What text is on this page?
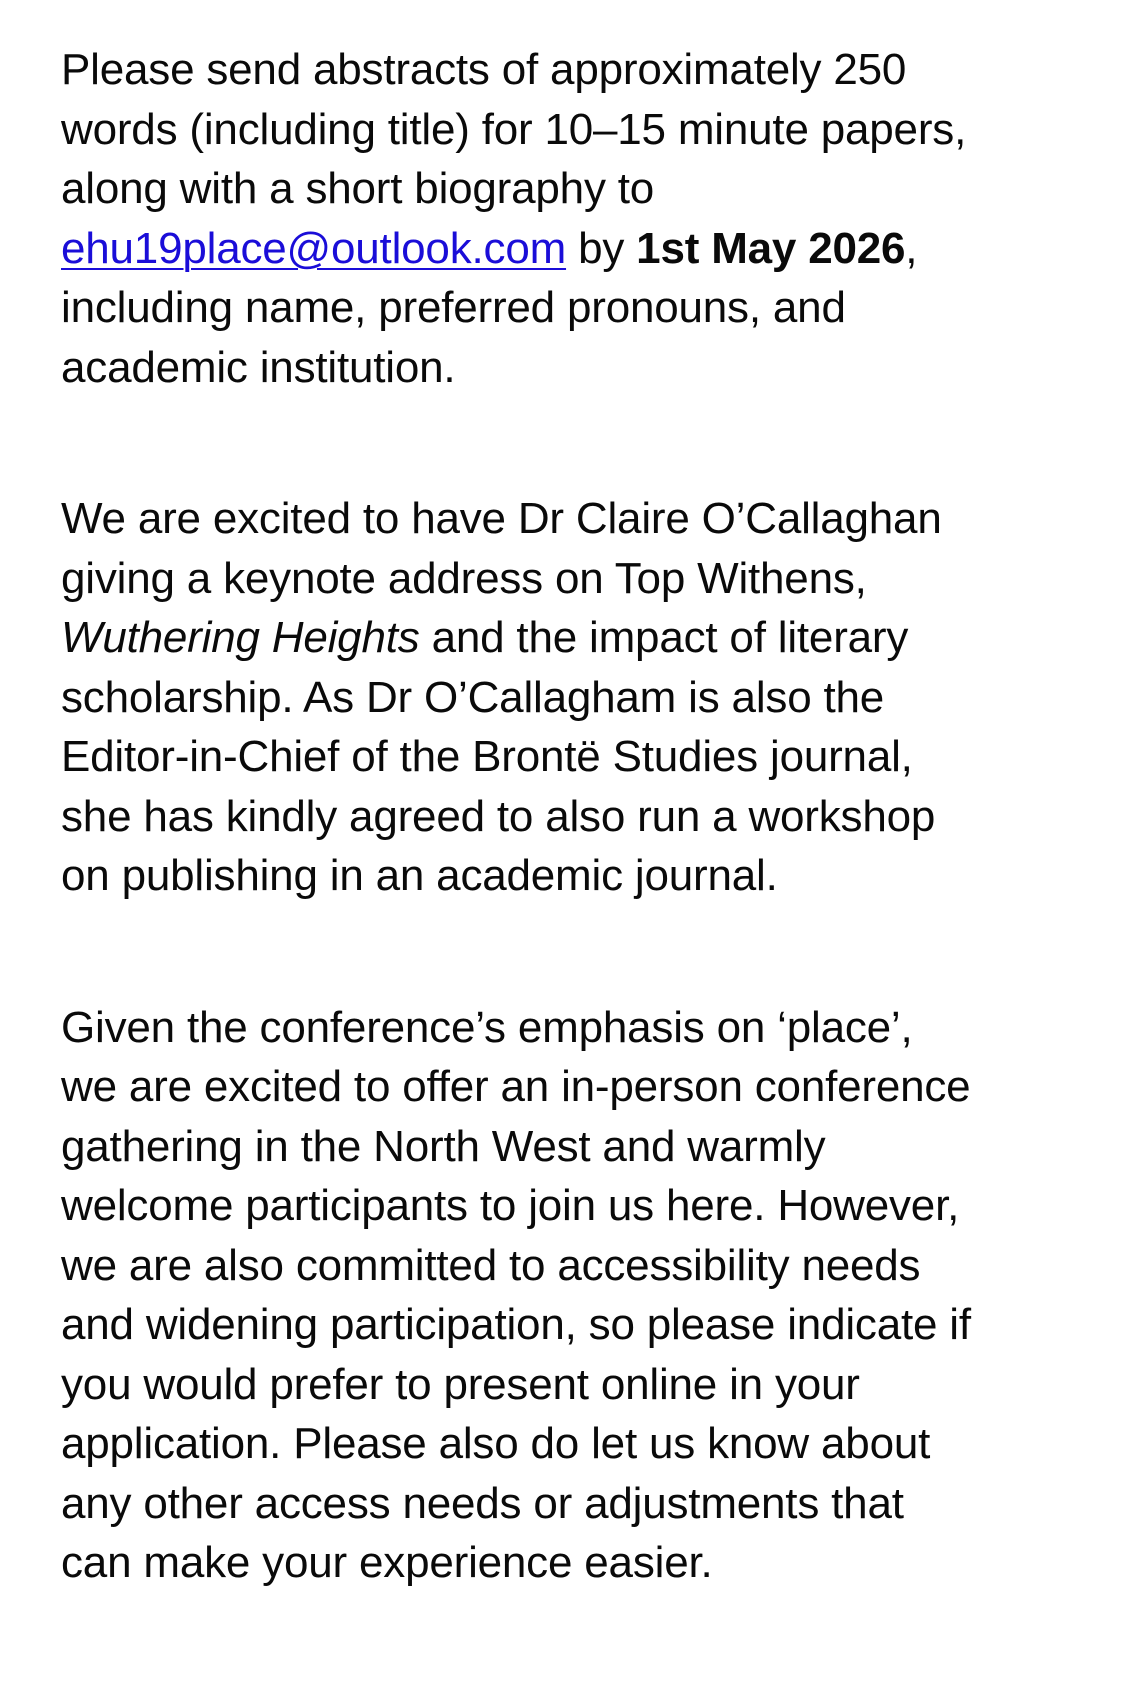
Please send abstracts of approximately 250
words (including title) for 10–15 minute papers,
along with a short biography to
ehu19place@outlook.com by 1st May 2026,
including name, preferred pronouns, and
academic institution.

We are excited to have Dr Claire O’Callaghan
giving a keynote address on Top Withens,
Wuthering Heights and the impact of literary
scholarship. As Dr O’Callagham is also the
Editor-in-Chief of the Brontë Studies journal,
she has kindly agreed to also run a workshop
on publishing in an academic journal.

Given the conference’s emphasis on ‘place’,
we are excited to offer an in-person conference
gathering in the North West and warmly
welcome participants to join us here. However,
we are also committed to accessibility needs
and widening participation, so please indicate if
you would prefer to present online in your
application. Please also do let us know about
any other access needs or adjustments that
can make your experience easier.
